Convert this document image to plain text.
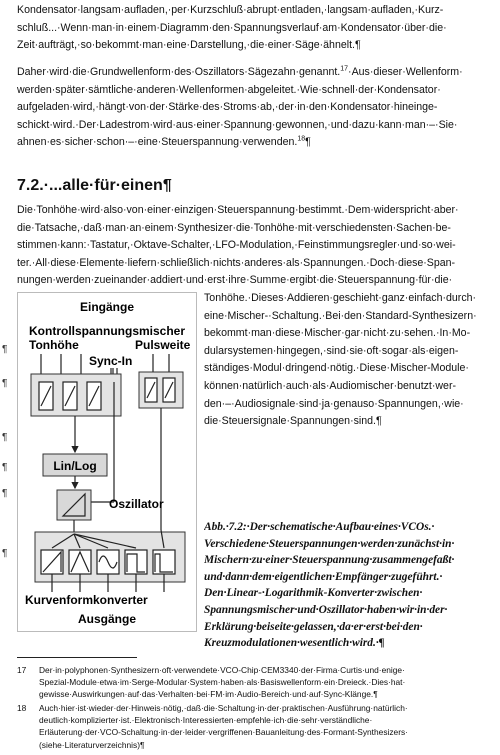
Kondensator·langsam·aufladen,·per·Kurzschluß·abrupt·entladen,·langsam·aufladen,·Kurz-
schluß...·Wenn·man·in·einem·Diagramm·den·Spannungsverlauf·am·Kondensator·über·die·
Zeit·aufträgt,·so·bekommt·man·eine·Darstellung,·die·einer·Säge·ähnelt.¶
Daher·wird·die·Grundwellenform·des·Oszillators·Sägezahn·genannt.$^{17}$·Aus·dieser·Wellenform·
werden·später·sämtliche·anderen·Wellenformen·abgeleitet.·Wie·schnell·der·Kondensator·
aufgeladen·wird,·hängt·von·der·Stärke·des·Stroms·ab,·der·in·den·Kondensator·hineinge-
schickt·wird.·Der·Ladestrom·wird·aus·einer·Spannung·gewonnen,·und·dazu·kann·man·–·Sie·
ahnen·es·sicher·schon·–·eine·Steuerspannung·verwenden.$^{18}$¶
7.2.·...alle·für·einen¶
Die·Tonhöhe·wird·also·von·einer·einzigen·Steuerspannung·bestimmt.·Dem·widerspricht·aber·
die·Tatsache,·daß·man·an·einem·Synthesizer·die·Tonhöhe·mit·verschiedensten·Sachen·be-
stimmen·kann:·Tastatur,·Oktave-Schalter,·LFO-Modulation,·Feinstimmungsregler·und·so·wei-
ter.·All·diese·Elemente·liefern·schließlich·nichts·anderes·als·Spannungen.·Doch·diese·Span-
nungen·werden·zueinander·addiert·und·erst·ihre·Summe·ergibt·die·Steuerspannung·für·die·
Eingänge
Kontrollspannungsmischer
Tonhöhe	Pulsweite
Sync-In
Lin/Log
Oszillator
Kurvenformkonverter
Ausgänge
¶
¶
¶
¶
¶
¶
Tonhöhe.·Dieses·Addieren·geschieht·ganz·einfach·durch·
eine·Mischer-·Schaltung.·Bei·den·Standard-Synthesizern·
bekommt·man·diese·Mischer·gar·nicht·zu·sehen.·In·Mo-
dularsystemen·hingegen,·sind·sie·oft·sogar·als·eigen-
ständiges·Modul·dringend·nötig.·Diese·Mischer-Module·
können·natürlich·auch·als·Audiomischer·benutzt·wer-
den·–·Audiosignale·sind·ja·genauso·Spannungen,·wie·
die·Steuersignale·Spannungen·sind.¶
Abb.·7.2:·Der·schematische·Aufbau·eines·VCOs.·
Verschiedene·Steuerspannungen·werden·zunächst·in·
Mischern·zu·einer·Steuerspannung·zusammengefaßt·
und·dann·dem·eigentlichen·Empfänger·zugeführt.·
Den·Linear-·Logarithmik-Konverter·zwischen·
Spannungsmischer·und·Oszillator·haben·wir·in·der·
Erklärung·beiseite·gelassen,·da·er·erst·bei·den·
Kreuzmodulationen·wesentlich·wird.·¶
17 Der·in·polyphonen·Synthesizern·oft·verwendete·VCO-Chip·CEM3340·der·Firma·Curtis·und·enige·
Spezial-Module·etwa·im·Serge-Modular·System·haben·als·Basiswellenform·ein·Dreieck.·Dies·hat·
gewisse·Auswirkungen·auf·das·Verhalten·bei·FM·im·Audio-Bereich·und·auf·Sync-Klänge.¶
18 Auch·hier·ist·wieder·der·Hinweis·nötig,·daß·die·Schaltung·in·der·praktischen·Ausführung·natürlich·
deutlich·komplizierter·ist.·Elektronisch·Interessierten·empfehle·ich·die·sehr·verständliche·
Erläuterung·der·VCO-Schaltung·in·der·leider·vergriffenen·Bauanleitung·des·Formant-Synthesizers·
(siehe·Literaturverzeichnis)¶
